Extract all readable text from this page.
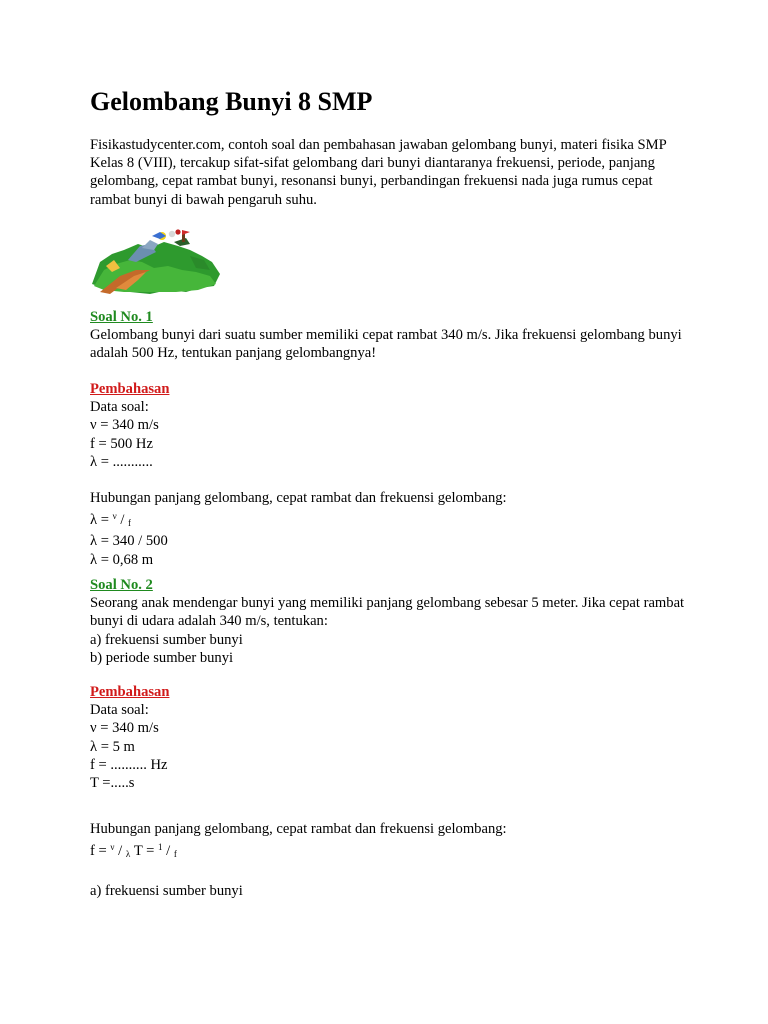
Gelombang Bunyi 8 SMP

Fisikastudycenter.com, contoh soal dan pembahasan jawaban gelombang bunyi, materi fisika SMP Kelas 8 (VIII), tercakup sifat-sifat gelombang dari bunyi diantaranya frekuensi, periode, panjang gelombang, cepat rambat bunyi, resonansi bunyi, perbandingan frekuensi nada juga rumus cepat rambat bunyi di bawah pengaruh suhu.

Soal No. 1

Gelombang bunyi dari suatu sumber memiliki cepat rambat 340 m/s. Jika frekuensi gelombang bunyi adalah 500 Hz, tentukan panjang gelombangnya!

Pembahasan

Data soal:

ν = 340 m/s

f = 500 Hz

λ = ...........

Hubungan panjang gelombang, cepat rambat dan frekuensi gelombang:

λ = $^\nu$ / $_f$

λ = 340 / 500

λ = 0,68 m

Soal No. 2

Seorang anak mendengar bunyi yang memiliki panjang gelombang sebesar 5 meter. Jika cepat rambat bunyi di udara adalah 340 m/s, tentukan:

a) frekuensi sumber bunyi

b) periode sumber bunyi

Pembahasan

Data soal:

ν = 340 m/s

λ = 5 m

f = .......... Hz

T =.....s

Hubungan panjang gelombang, cepat rambat dan frekuensi gelombang:

f = $^\nu$ / $_\lambda$ T = $^1$ / $_f$

a) frekuensi sumber bunyi
